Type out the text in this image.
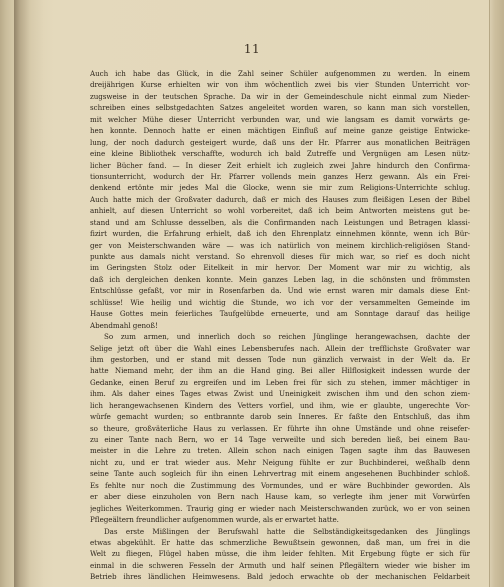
11
Auch ich habe das Glück, in die Zahl seiner Schüler aufgenommen zu werden. In einem
dreijährigen Kurse erhielten wir von ihm wöchentlich zwei bis vier Stunden Unterricht vor-
zugsweise in der teutschen Sprache. Da wir in der Gemeindeschule nicht einmal zum Nieder-
schreiben eines selbstgedachten Satzes angeleitet worden waren, so kann man sich vorstellen,
mit welcher Mühe dieser Unterricht verbunden war, und wie langsam es damit vorwärts ge-
hen konnte. Dennoch hatte er einen mächtigen Einfluß auf meine ganze geistige Entwicke-
lung, der noch dadurch gesteigert wurde, daß uns der Hr. Pfarrer aus monatlichen Beiträgen
eine kleine Bibliothek verschaffte, wodurch ich bald Zutreffe und Vergnügen am Lesen nütz-
licher Bücher fand. — In dieser Zeit erhielt ich zugleich zwei Jahre hindurch den Confirma-
tionsunterricht, wodurch der Hr. Pfarrer vollends mein ganzes Herz gewann. Als ein Frei-
denkend ertönte mir jedes Mal die Glocke, wenn sie mir zum Religions-Unterrichte schlug.
Auch hatte mich der Großvater dadurch, daß er mich des Hauses zum fleißigen Lesen der Bibel
anhielt, auf diesen Unterricht so wohl vorbereitet, daß ich beim Antworten meistens gut be-
stand und am Schlusse desselben, als die Confirmanden nach Leistungen und Betragen klassi-
fizirt wurden, die Erfahrung erhielt, daß ich den Ehrenplatz einnehmen könnte, wenn ich Bür-
ger von Meisterschwanden wäre — was ich natürlich von meinem kirchlich-religiösen Stand-
punkte aus damals nicht verstand. So ehrenvoll dieses für mich war, so rief es doch nicht
im Geringsten Stolz oder Eitelkeit in mir hervor. Der Moment war mir zu wichtig, als
daß ich dergleichen denken konnte. Mein ganzes Leben lag, in die schönsten und frömmsten
Entschlüsse gefaßt, vor mir in Rosenfarben da. Und wie ernst waren mir damals diese Ent-
schlüsse! Wie heilig und wichtig die Stunde, wo ich vor der versammelten Gemeinde im
Hause Gottes mein feierliches Taufgelübde erneuerte, und am Sonntage darauf das heilige
Abendmahl genoß!
So zum armen, und innerlich doch so reichen Jünglinge herangewachsen, dachte der
Selige jetzt oft über die Wahl eines Lebensberufes nach. Allein der trefflichste Großvater war
ihm gestorben, und er stand mit dessen Tode nun gänzlich verwaist in der Welt da. Er
hatte Niemand mehr, der ihm an die Hand ging. Bei aller Hilflosigkeit indessen wurde der
Gedanke, einen Beruf zu ergreifen und im Leben frei für sich zu stehen, immer mächtiger in
ihm. Als daher eines Tages etwas Zwist und Uneinigkeit zwischen ihm und den schon ziem-
lich herangewachsenen Kindern des Vetters vorfiel, und ihm, wie er glaubte, ungerechte Vor-
würfe gemacht wurden; so entbrannte darob sein Inneres. Er faßte den Entschluß, das ihm
so theure, großväterliche Haus zu verlassen. Er führte ihn ohne Umstände und ohne reisefer-
zu einer Tante nach Bern, wo er 14 Tage verweilte und sich bereden ließ, bei einem Bau-
meister in die Lehre zu treten. Allein schon nach einigen Tagen sagte ihm das Bauwesen
nicht zu, und er trat wieder aus. Mehr Neigung fühlte er zur Buchbinderei, weßhalb denn
seine Tante auch sogleich für ihn einen Lehrvertrag mit einem angesehenen Buchbinder schloß.
Es fehlte nur noch die Zustimmung des Vormundes, und er wäre Buchbinder geworden. Als
er aber diese einzuholen von Bern nach Hause kam, so verlegte ihm jener mit Vorwürfen
jegliches Weiterkommen. Traurig ging er wieder nach Meisterschwanden zurück, wo er von seinen
Pflegeältern freundlicher aufgenommen wurde, als er erwartet hatte.
Das erste Mißlingen der Berufswahl hatte die Selbständigkeitsgedanken des Jünglings
etwas abgekühlt. Er hatte das schmerzliche Bewußtsein gewonnen, daß man, um frei in die
Welt zu fliegen, Flügel haben müsse, die ihm leider fehlten. Mit Ergebung fügte er sich für
einmal in die schweren Fesseln der Armuth und half seinen Pflegältern wieder wie bisher im
Betrieb ihres ländlichen Heimwesens. Bald jedoch erwachte ob der mechanischen Feldarbeit
